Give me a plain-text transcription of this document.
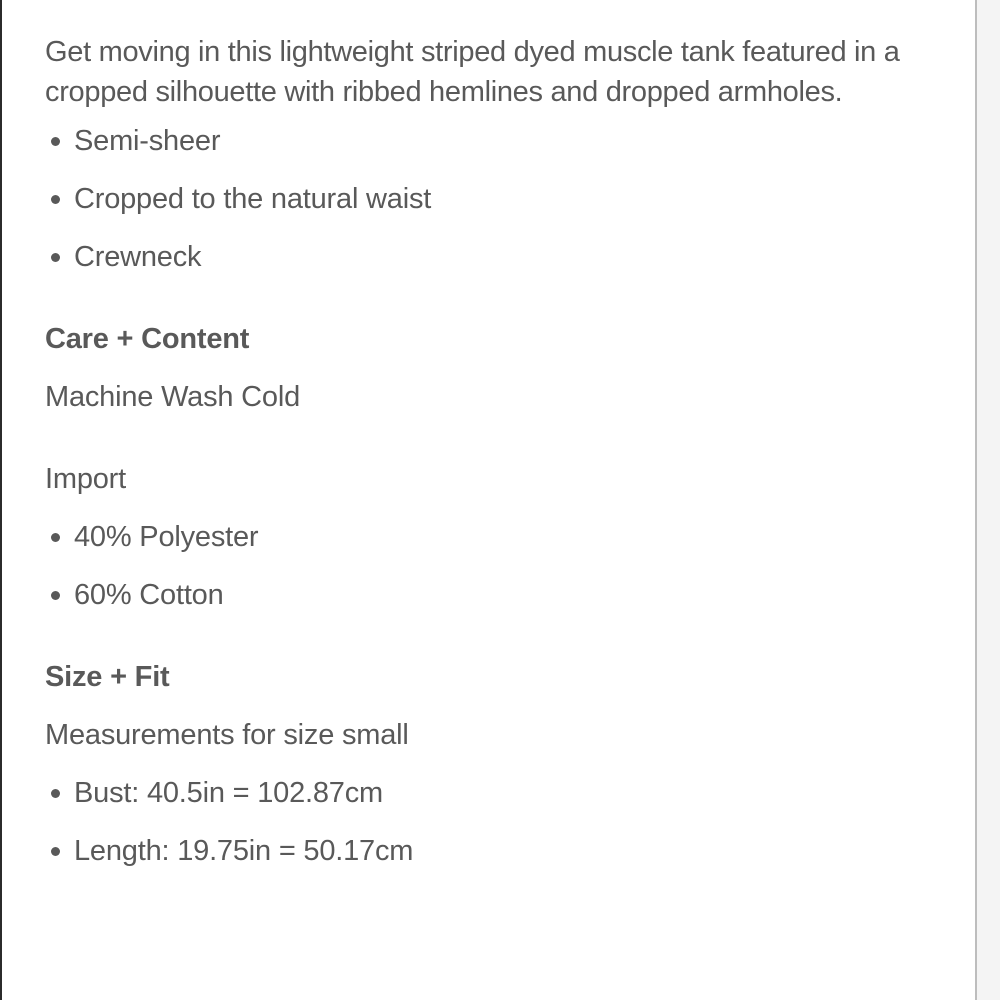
Get moving in this lightweight striped dyed muscle tank featured in a cropped silhouette with ribbed hemlines and dropped armholes.

Semi-sheer
Cropped to the natural waist
Crewneck
Care + Content

Machine Wash Cold

Import

40% Polyester
60% Cotton
Size + Fit

Measurements for size small

Bust: 40.5in = 102.87cm
Length: 19.75in = 50.17cm
